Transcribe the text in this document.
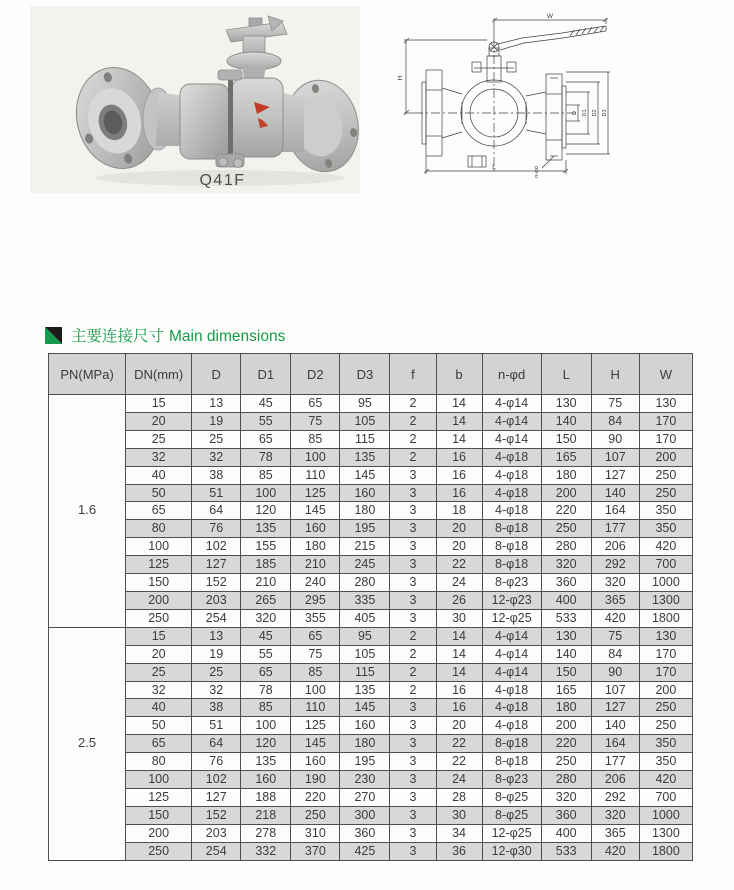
Q41F
W
H
L
D D1 D2 D3
n-φd
主要连接尺寸 Main dimensions
PN(MPa)	DN(mm)	D	D1	D2	D3	f	b	n-φd	L	H	W
1.6	15	13	45	65	95	2	14	4-φ14	130	75	130
	20	19	55	75	105	2	14	4-φ14	140	84	170
	25	25	65	85	115	2	14	4-φ14	150	90	170
	32	32	78	100	135	2	16	4-φ18	165	107	200
	40	38	85	110	145	3	16	4-φ18	180	127	250
	50	51	100	125	160	3	16	4-φ18	200	140	250
	65	64	120	145	180	3	18	4-φ18	220	164	350
	80	76	135	160	195	3	20	8-φ18	250	177	350
	100	102	155	180	215	3	20	8-φ18	280	206	420
	125	127	185	210	245	3	22	8-φ18	320	292	700
	150	152	210	240	280	3	24	8-φ23	360	320	1000
	200	203	265	295	335	3	26	12-φ23	400	365	1300
	250	254	320	355	405	3	30	12-φ25	533	420	1800
2.5	15	13	45	65	95	2	14	4-φ14	130	75	130
	20	19	55	75	105	2	14	4-φ14	140	84	170
	25	25	65	85	115	2	14	4-φ14	150	90	170
	32	32	78	100	135	2	16	4-φ18	165	107	200
	40	38	85	110	145	3	16	4-φ18	180	127	250
	50	51	100	125	160	3	20	4-φ18	200	140	250
	65	64	120	145	180	3	22	8-φ18	220	164	350
	80	76	135	160	195	3	22	8-φ18	250	177	350
	100	102	160	190	230	3	24	8-φ23	280	206	420
	125	127	188	220	270	3	28	8-φ25	320	292	700
	150	152	218	250	300	3	30	8-φ25	360	320	1000
	200	203	278	310	360	3	34	12-φ25	400	365	1300
	250	254	332	370	425	3	36	12-φ30	533	420	1800
